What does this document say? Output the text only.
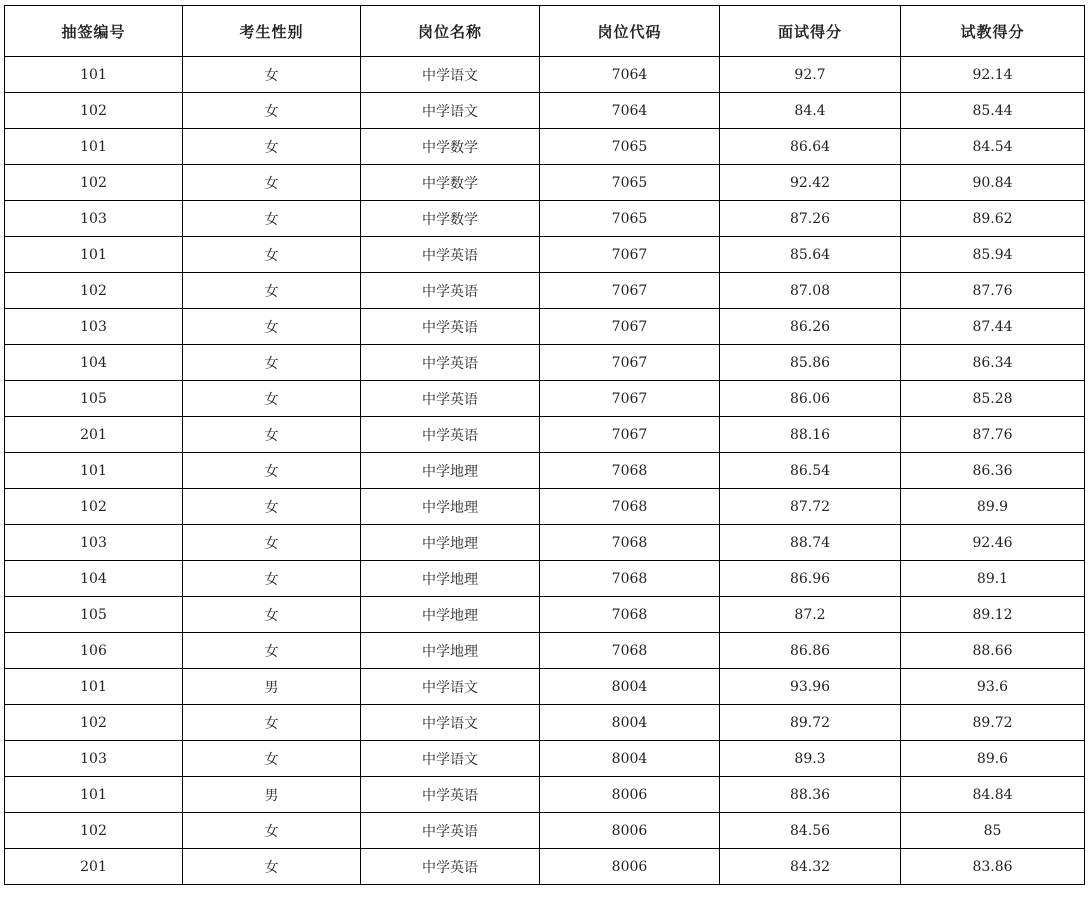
抽签编号	考生性别	岗位名称	岗位代码	面试得分	试教得分
101	女	中学语文	7064	92.7	92.14
102	女	中学语文	7064	84.4	85.44
101	女	中学数学	7065	86.64	84.54
102	女	中学数学	7065	92.42	90.84
103	女	中学数学	7065	87.26	89.62
101	女	中学英语	7067	85.64	85.94
102	女	中学英语	7067	87.08	87.76
103	女	中学英语	7067	86.26	87.44
104	女	中学英语	7067	85.86	86.34
105	女	中学英语	7067	86.06	85.28
201	女	中学英语	7067	88.16	87.76
101	女	中学地理	7068	86.54	86.36
102	女	中学地理	7068	87.72	89.9
103	女	中学地理	7068	88.74	92.46
104	女	中学地理	7068	86.96	89.1
105	女	中学地理	7068	87.2	89.12
106	女	中学地理	7068	86.86	88.66
101	男	中学语文	8004	93.96	93.6
102	女	中学语文	8004	89.72	89.72
103	女	中学语文	8004	89.3	89.6
101	男	中学英语	8006	88.36	84.84
102	女	中学英语	8006	84.56	85
201	女	中学英语	8006	84.32	83.86
